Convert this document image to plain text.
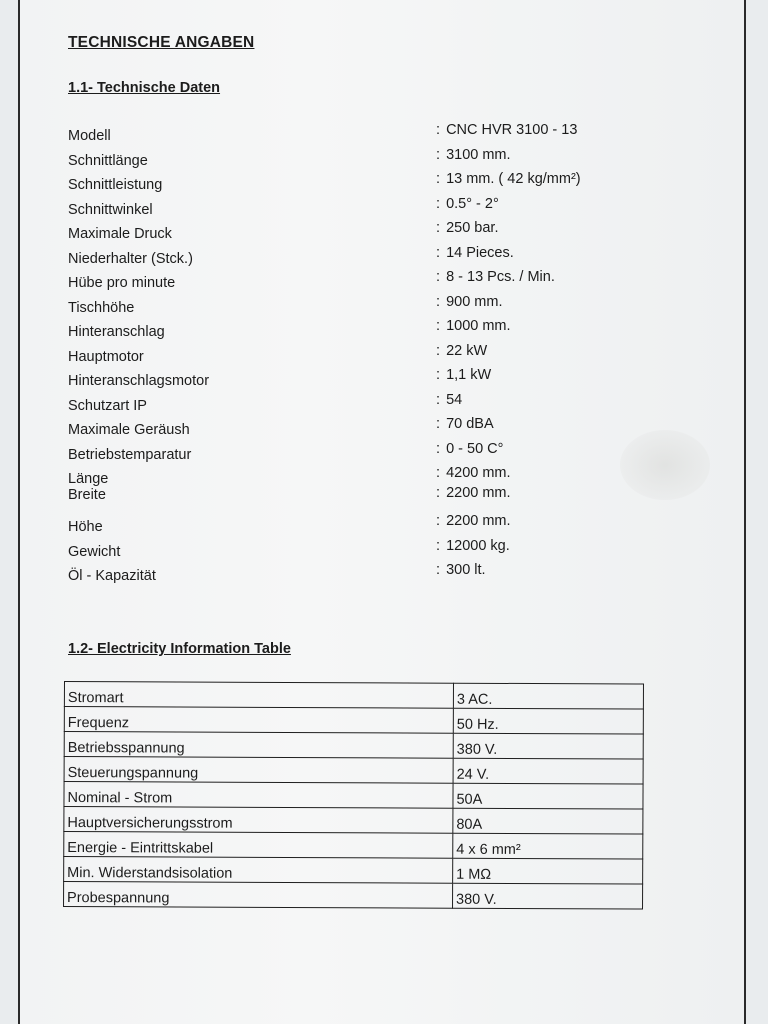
TECHNISCHE ANGABEN
1.1- Technische Daten
Modell	: CNC HVR 3100 - 13
Schnittlänge	: 3100 mm.
Schnittleistung	: 13 mm. ( 42 kg/mm²)
Schnittwinkel	: 0.5° - 2°
Maximale Druck	: 250 bar.
Niederhalter (Stck.)	: 14 Pieces.
Hübe pro minute	: 8 - 13 Pcs. / Min.
Tischhöhe	: 900 mm.
Hinteranschlag	: 1000 mm.
Hauptmotor	: 22 kW
Hinteranschlagsmotor	: 1,1 kW
Schutzart IP	: 54
Maximale Geräush	: 70 dBA
Betriebstemparatur	: 0 - 50 C°
Länge	: 4200 mm.
Breite	: 2200 mm.
Höhe	: 2200 mm.
Gewicht	: 12000 kg.
Öl - Kapazität	: 300 lt.
1.2- Electricity Information Table
Stromart	3 AC.
Frequenz	50 Hz.
Betriebsspannung	380 V.
Steuerungspannung	24 V.
Nominal - Strom	50A
Hauptversicherungsstrom	80A
Energie - Eintrittskabel	4 x 6 mm²
Min. Widerstandsisolation	1 MΩ
Probespannung	380 V.
